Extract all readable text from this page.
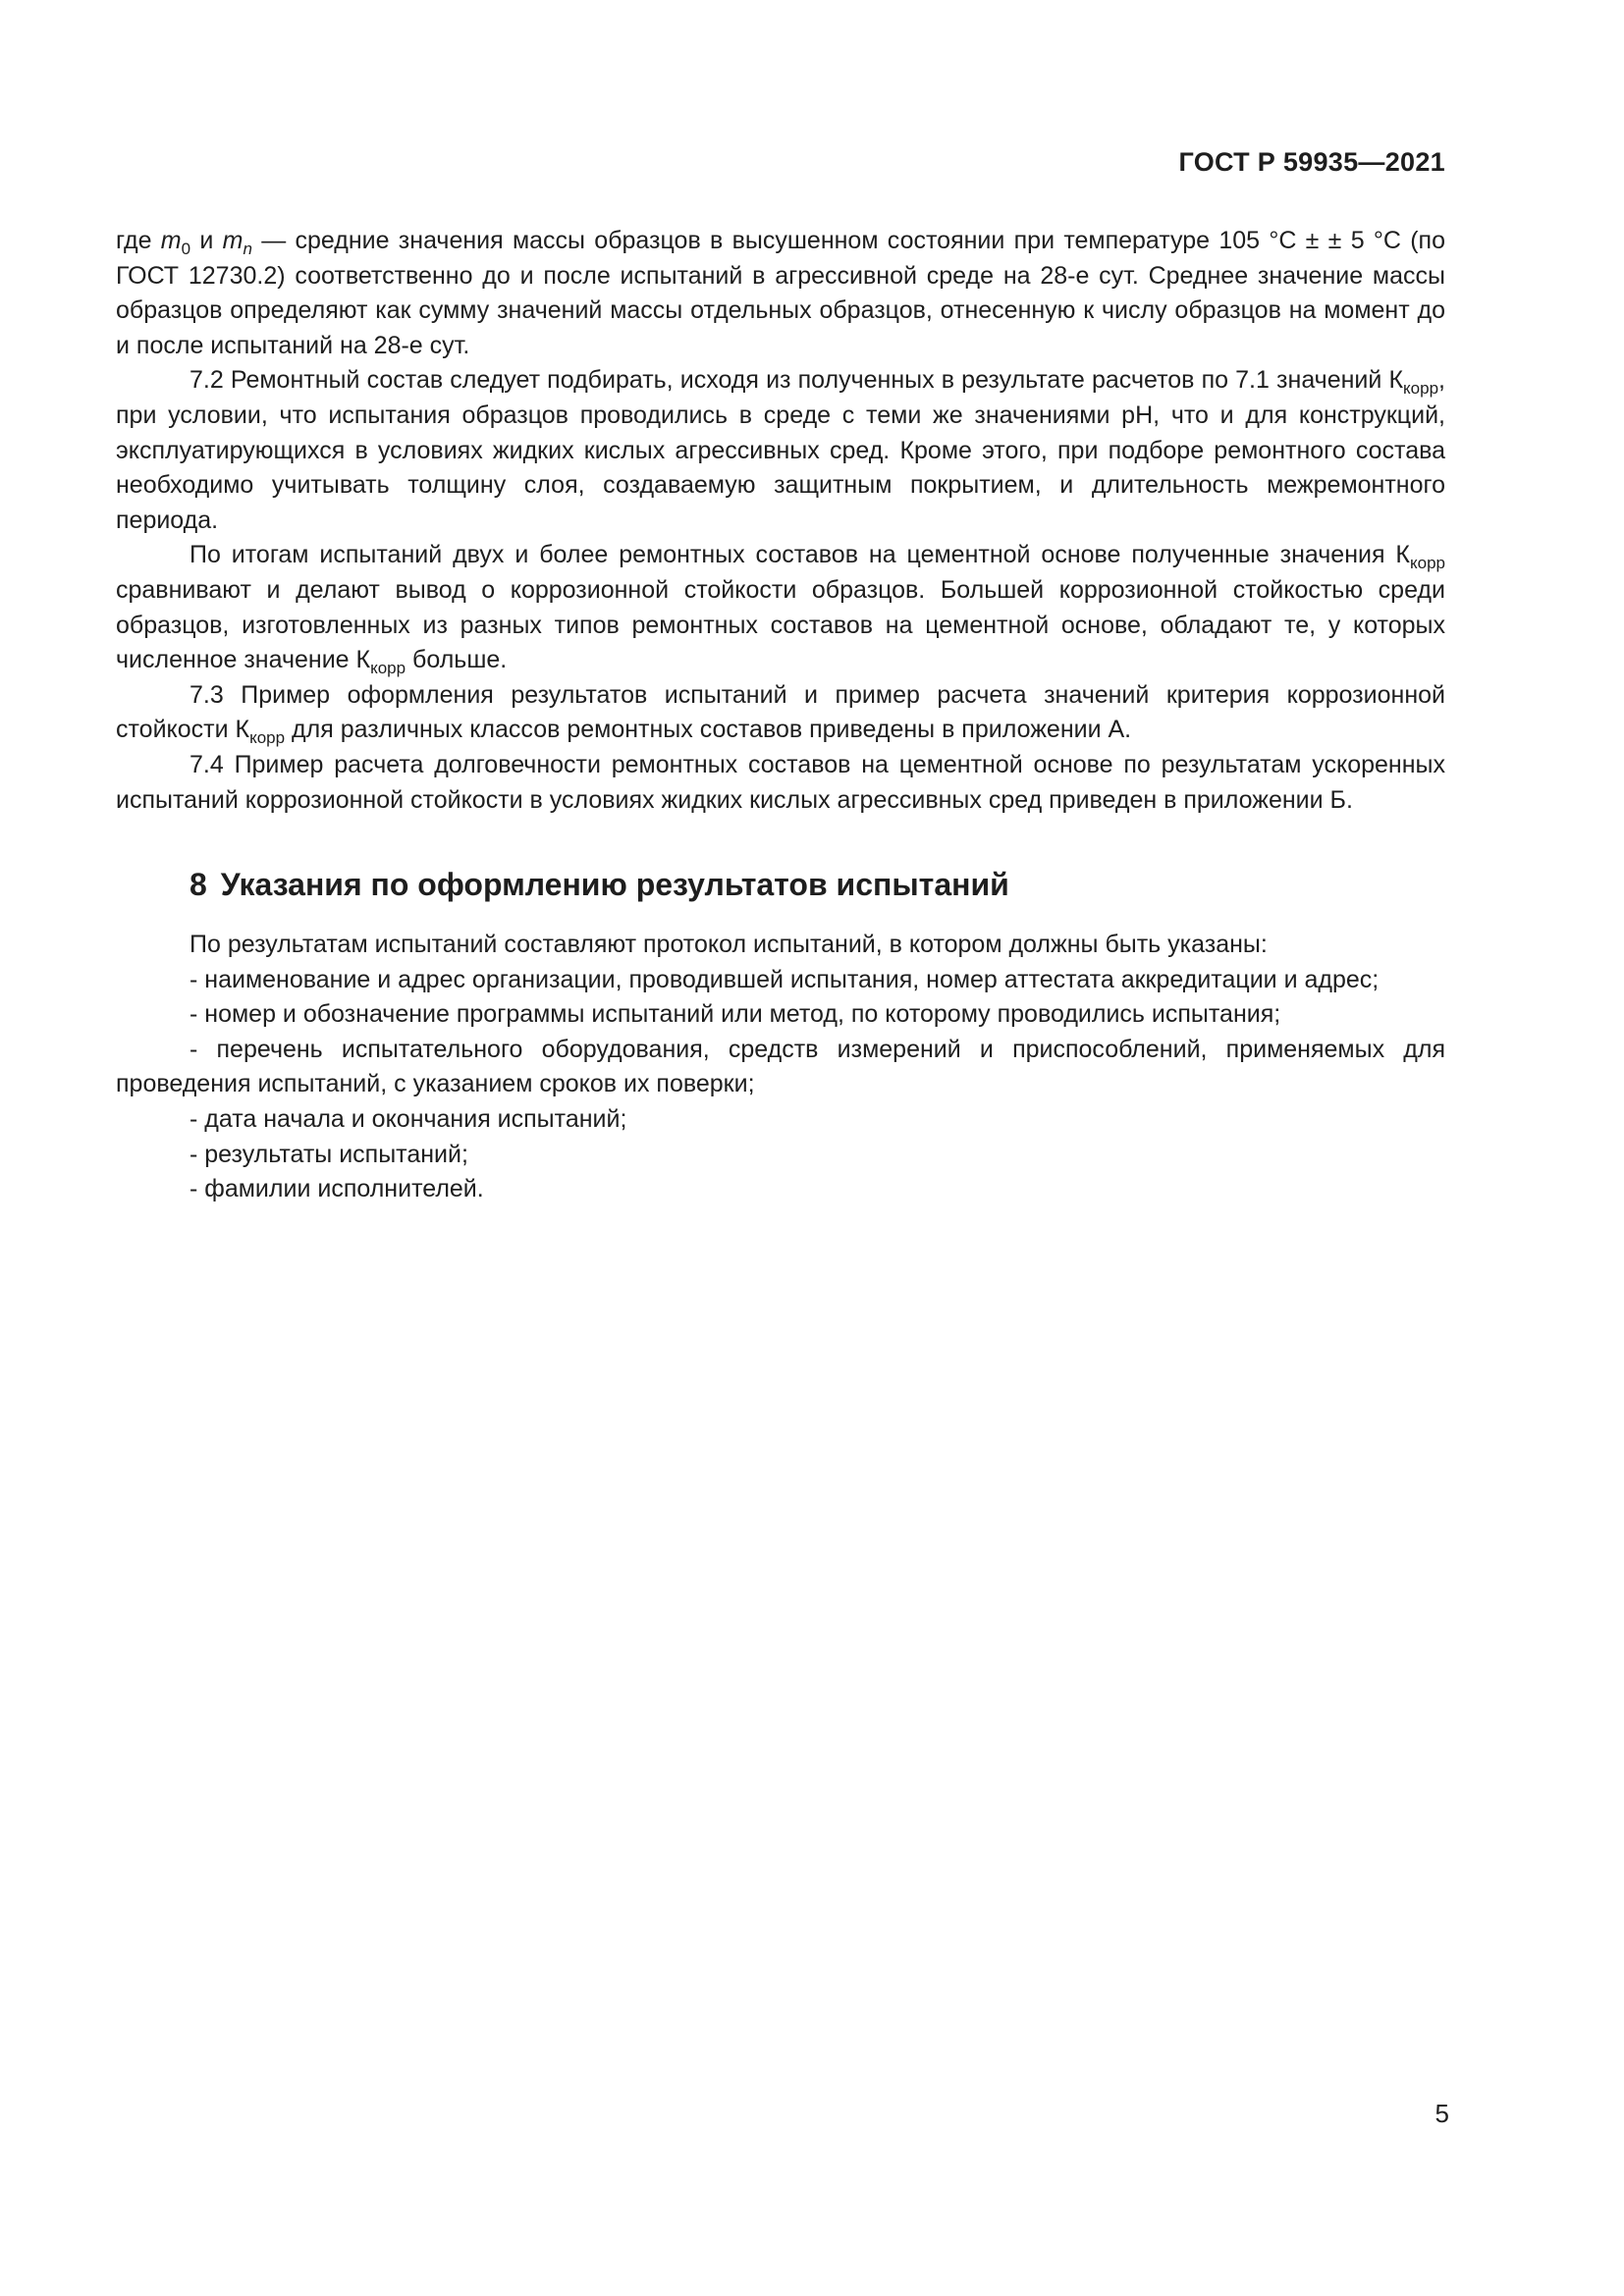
ГОСТ Р 59935—2021

где $m_0$ и $m_n$ — средние значения массы образцов в высушенном состоянии при температуре 105 °С ± ± 5 °С (по ГОСТ 12730.2) соответственно до и после испытаний в агрессивной среде на 28-е сут. Среднее значение массы образцов определяют как сумму значений массы отдельных образцов, отнесенную к числу образцов на момент до и после испытаний на 28-е сут.

7.2 Ремонтный состав следует подбирать, исходя из полученных в результате расчетов по 7.1 значений $К_{корр}$, при условии, что испытания образцов проводились в среде с теми же значениями pH, что и для конструкций, эксплуатирующихся в условиях жидких кислых агрессивных сред. Кроме этого, при подборе ремонтного состава необходимо учитывать толщину слоя, создаваемую защитным покрытием, и длительность межремонтного периода.

По итогам испытаний двух и более ремонтных составов на цементной основе полученные значения $К_{корр}$ сравнивают и делают вывод о коррозионной стойкости образцов. Большей коррозионной стойкостью среди образцов, изготовленных из разных типов ремонтных составов на цементной основе, обладают те, у которых численное значение $К_{корр}$ больше.

7.3 Пример оформления результатов испытаний и пример расчета значений критерия коррозионной стойкости $К_{корр}$ для различных классов ремонтных составов приведены в приложении А.

7.4 Пример расчета долговечности ремонтных составов на цементной основе по результатам ускоренных испытаний коррозионной стойкости в условиях жидких кислых агрессивных сред приведен в приложении Б.

8 Указания по оформлению результатов испытаний

По результатам испытаний составляют протокол испытаний, в котором должны быть указаны:

- наименование и адрес организации, проводившей испытания, номер аттестата аккредитации и адрес;

- номер и обозначение программы испытаний или метод, по которому проводились испытания;

- перечень испытательного оборудования, средств измерений и приспособлений, применяемых для проведения испытаний, с указанием сроков их поверки;

- дата начала и окончания испытаний;

- результаты испытаний;

- фамилии исполнителей.

5
